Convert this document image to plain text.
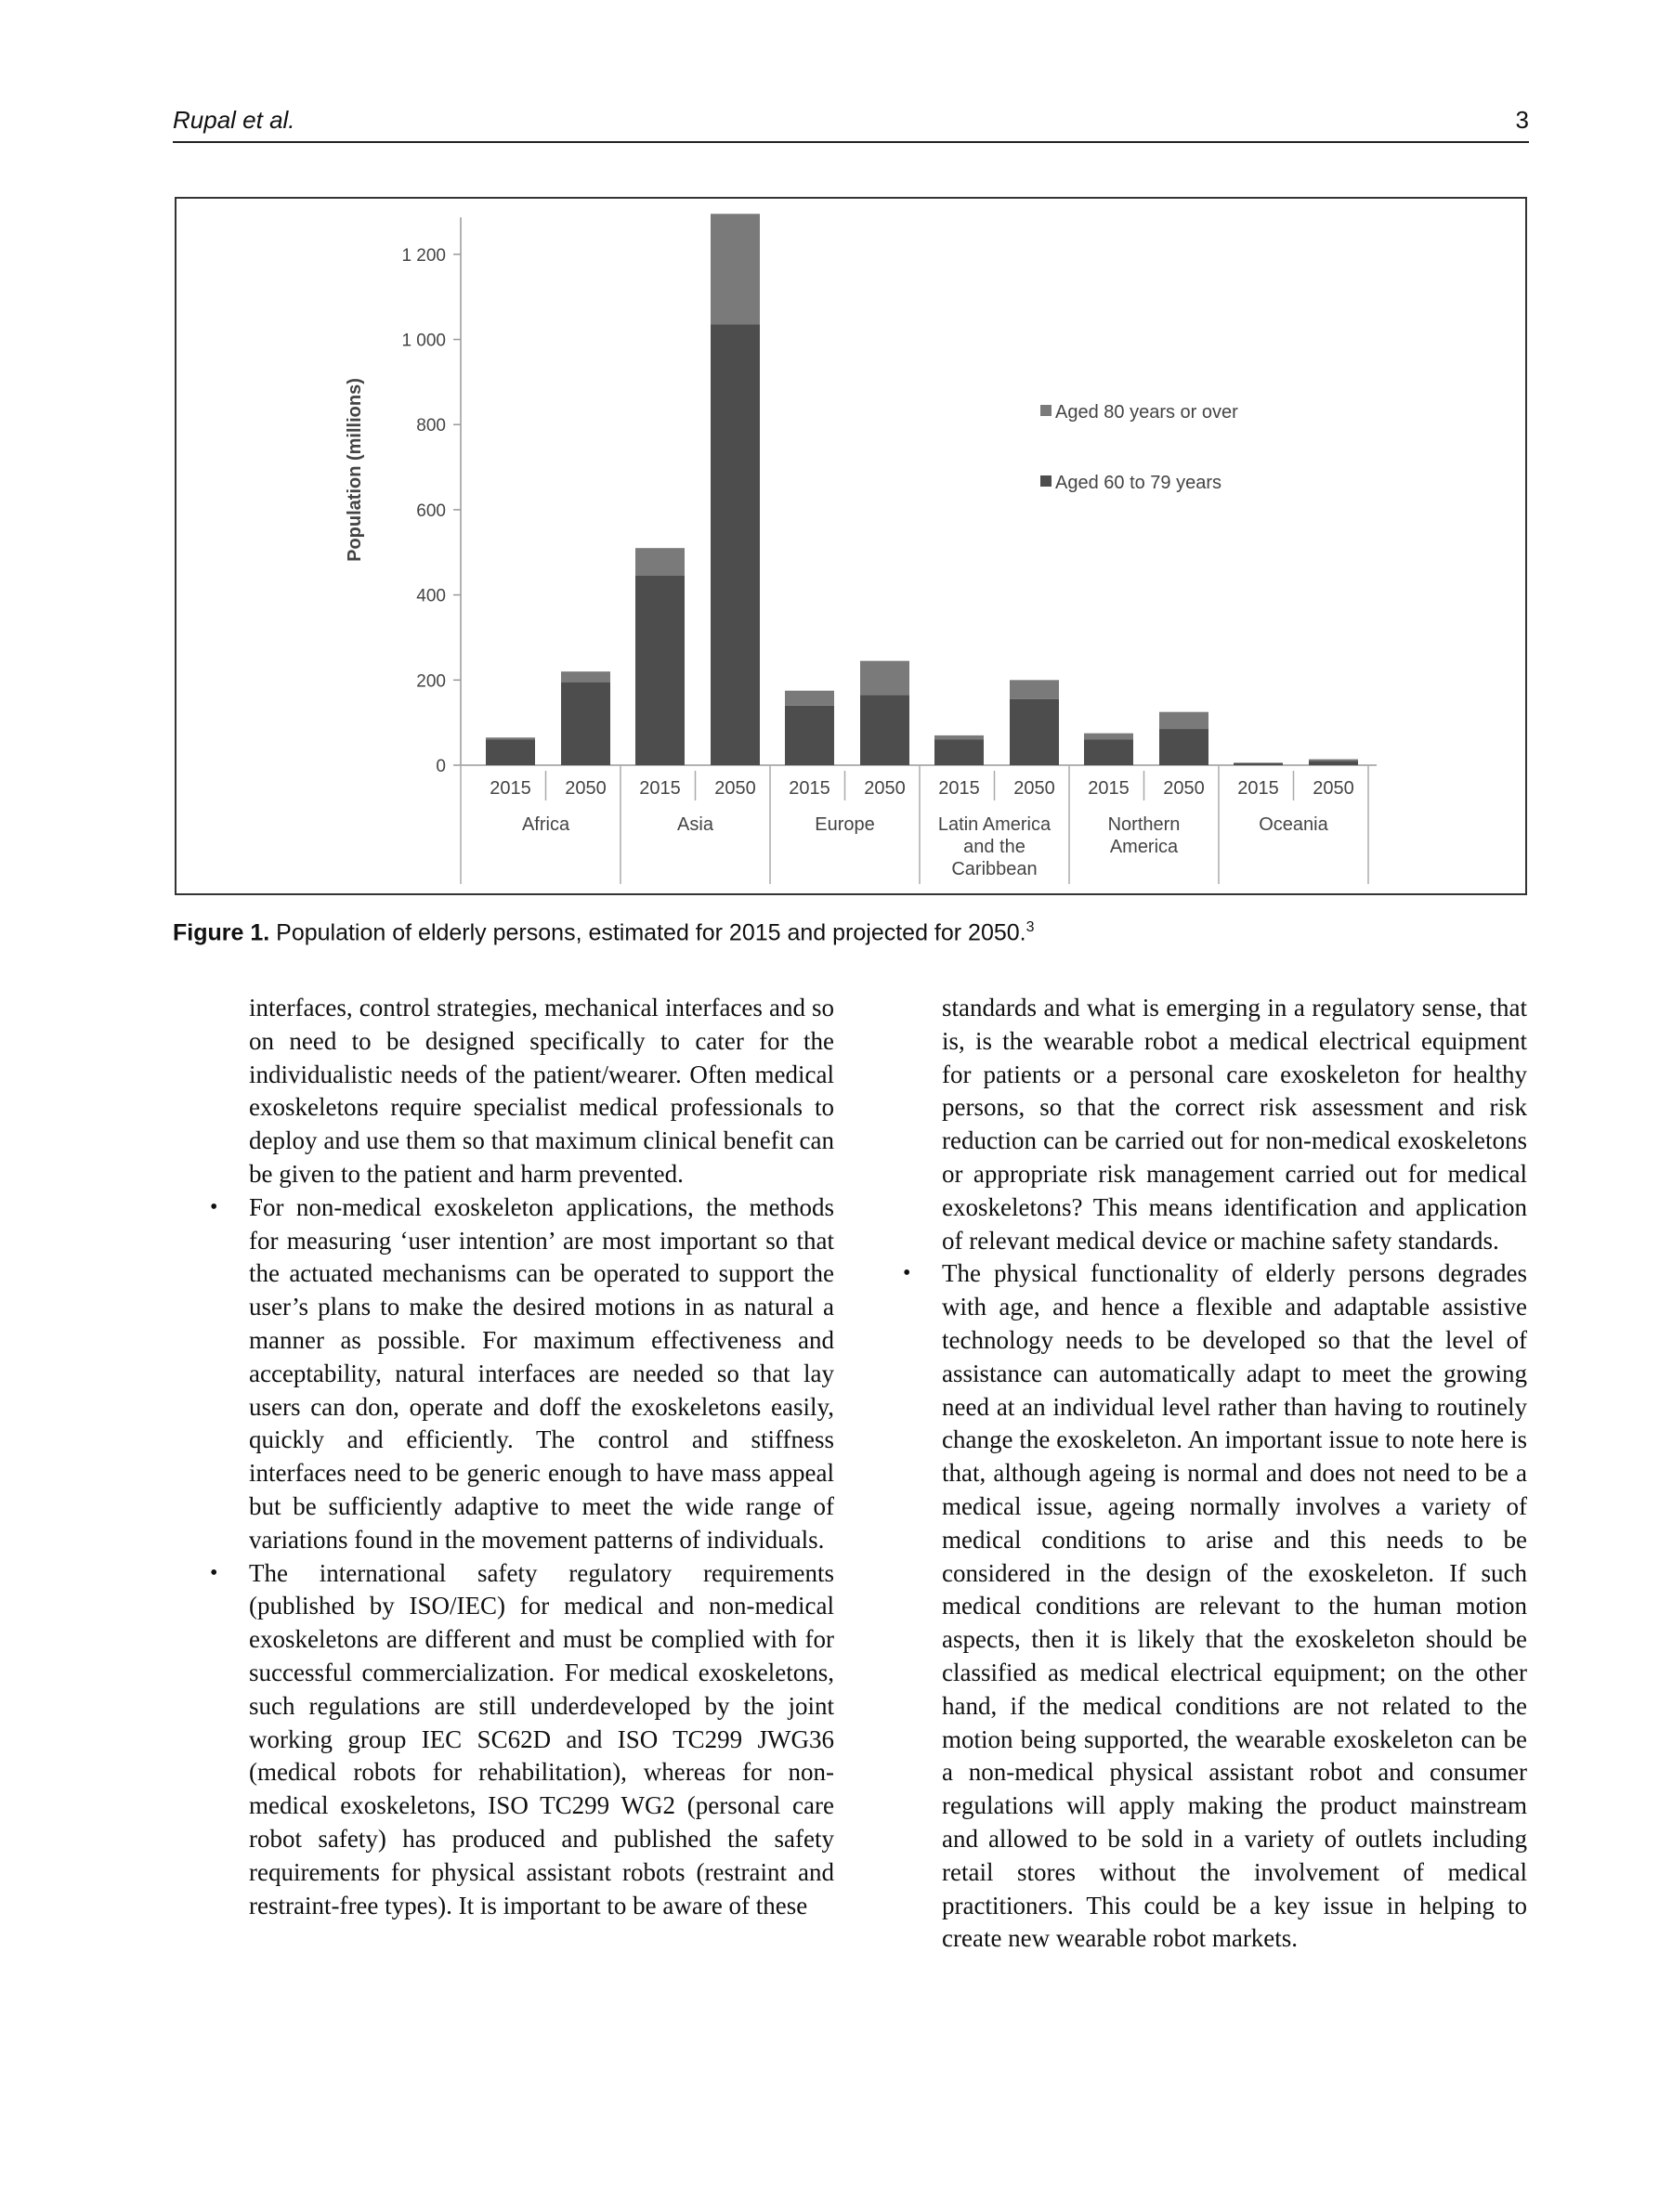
Rupal et al.	3
0
200
400
600
800
1 000
1 200
Population (millions)
2015 2050
Africa
2015 2050
Asia
2015 2050
Europe
2015 2050
Latin America
and the
Caribbean
2015 2050
Northern
America
2015 2050
Oceania
Aged 80 years or over
Aged 60 to 79 years
Figure 1. Population of elderly persons, estimated for 2015 and projected for 2050.$^3$

interfaces, control strategies, mechanical interfaces and so on need to be designed specifically to cater for the individualistic needs of the patient/wearer. Often medical exoskeletons require specialist medical professionals to deploy and use them so that maximum clinical benefit can be given to the patient and harm prevented.

• For non-medical exoskeleton applications, the methods for measuring ‘user intention’ are most important so that the actuated mechanisms can be operated to support the user’s plans to make the desired motions in as natural a manner as possible. For maximum effectiveness and acceptability, natural interfaces are needed so that lay users can don, operate and doff the exoskeletons easily, quickly and efficiently. The control and stiffness interfaces need to be generic enough to have mass appeal but be sufficiently adaptive to meet the wide range of variations found in the movement patterns of individuals.
• The international safety regulatory requirements (published by ISO/IEC) for medical and non-medical exoskeletons are different and must be complied with for successful commercialization. For medical exoskeletons, such regulations are still underdeveloped by the joint working group IEC SC62D and ISO TC299 JWG36 (medical robots for rehabilitation), whereas for non-medical exoskeletons, ISO TC299 WG2 (personal care robot safety) has produced and published the safety requirements for physical assistant robots (restraint and restraint-free types). It is important to be aware of these

standards and what is emerging in a regulatory sense, that is, is the wearable robot a medical electrical equipment for patients or a personal care exoskeleton for healthy persons, so that the correct risk assessment and risk reduction can be carried out for non-medical exoskeletons or appropriate risk management carried out for medical exoskeletons? This means identification and application of relevant medical device or machine safety standards.

• The physical functionality of elderly persons degrades with age, and hence a flexible and adaptable assistive technology needs to be developed so that the level of assistance can automatically adapt to meet the growing need at an individual level rather than having to routinely change the exoskeleton. An important issue to note here is that, although ageing is normal and does not need to be a medical issue, ageing normally involves a variety of medical conditions to arise and this needs to be considered in the design of the exoskeleton. If such medical conditions are relevant to the human motion aspects, then it is likely that the exoskeleton should be classified as medical electrical equipment; on the other hand, if the medical conditions are not related to the motion being supported, the wearable exoskeleton can be a non-medical physical assistant robot and consumer regulations will apply making the product mainstream and allowed to be sold in a variety of outlets including retail stores without the involvement of medical practitioners. This could be a key issue in helping to create new wearable robot markets.
